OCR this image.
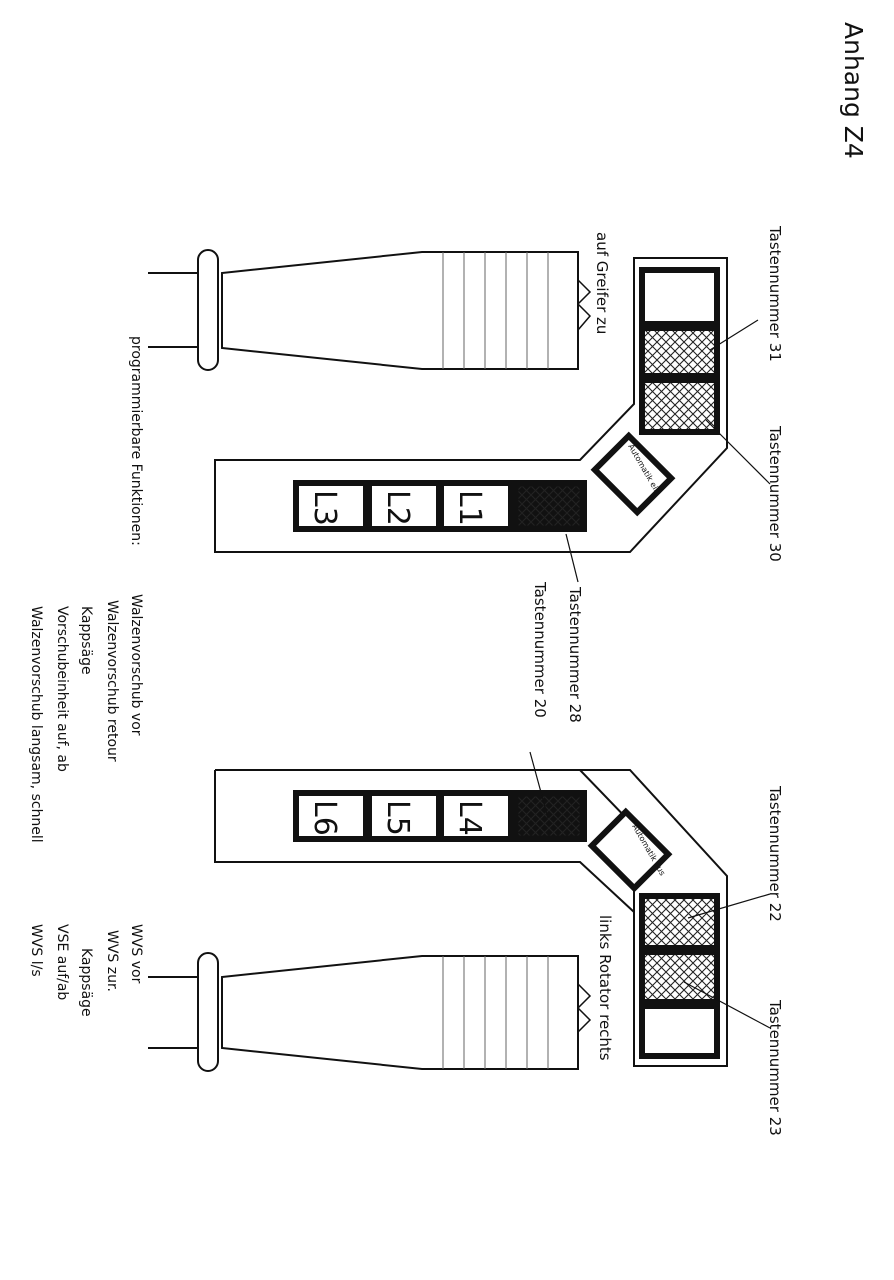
Anhang Z4
Automatik ein
L1
L2
L3
Tastennummer 31
Tastennummer 30
Tastennummer 28
auf Greifer zu
L4
L5
L6
Automatik aus
Tastennummer 20
Tastennummer 22
Tastennummer 23
links Rotator rechts
programmierbare Funktionen:
Walzenvorschub vor
Walzenvorschub retour
Kappsäge
Vorschubeinheit auf, ab
Walzenvorschub langsam, schnell
WVS vor
WVS zur.
Kappsäge
VSE auf/ab
WVS l/s
